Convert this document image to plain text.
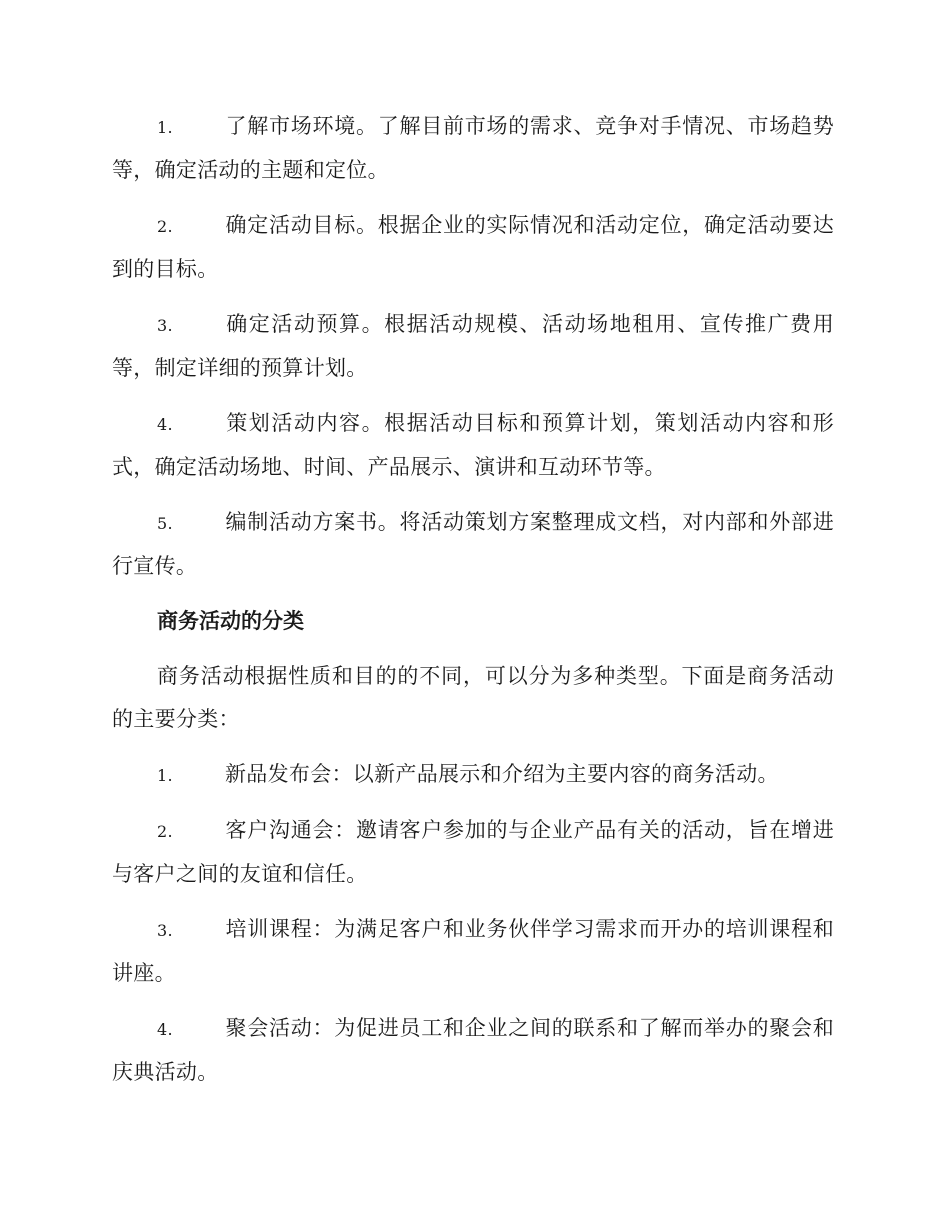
1. 了解市场环境。了解目前市场的需求、竞争对手情况、市场趋势等，确定活动的主题和定位。

2. 确定活动目标。根据企业的实际情况和活动定位，确定活动要达到的目标。

3. 确定活动预算。根据活动规模、活动场地租用、宣传推广费用等，制定详细的预算计划。

4. 策划活动内容。根据活动目标和预算计划，策划活动内容和形式，确定活动场地、时间、产品展示、演讲和互动环节等。

5. 编制活动方案书。将活动策划方案整理成文档，对内部和外部进行宣传。

商务活动的分类

商务活动根据性质和目的的不同，可以分为多种类型。下面是商务活动的主要分类：

1. 新品发布会：以新产品展示和介绍为主要内容的商务活动。

2. 客户沟通会：邀请客户参加的与企业产品有关的活动，旨在增进与客户之间的友谊和信任。

3. 培训课程：为满足客户和业务伙伴学习需求而开办的培训课程和讲座。

4. 聚会活动：为促进员工和企业之间的联系和了解而举办的聚会和庆典活动。
